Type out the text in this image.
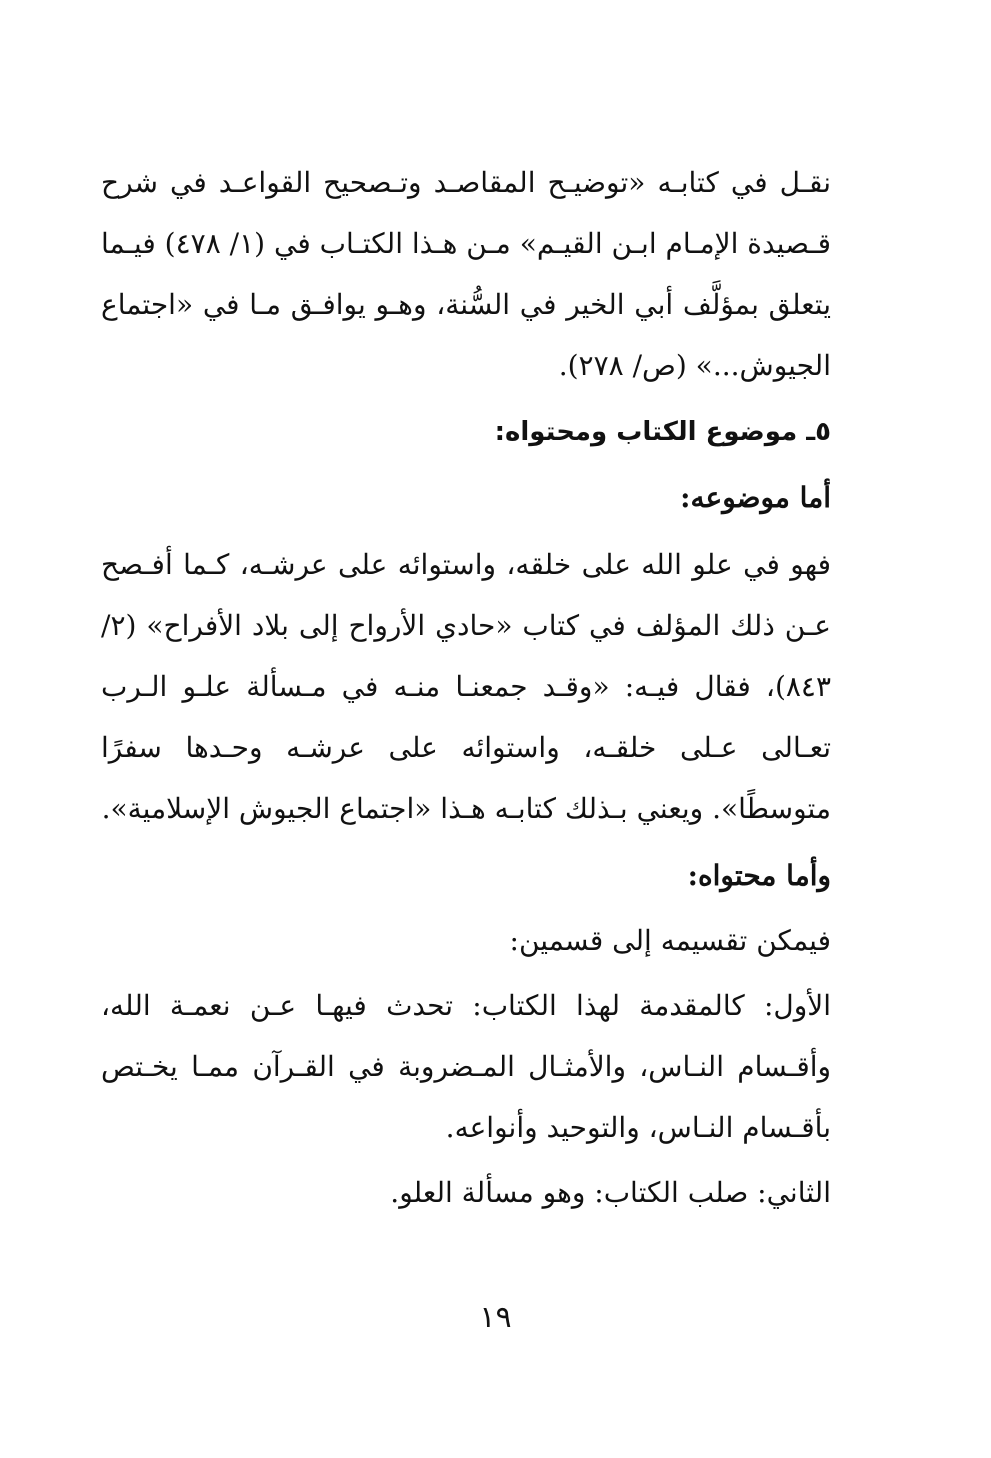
نقـل في كتابـه «توضيـح المقاصـد وتـصحيح القواعـد في شرح قـصيدة الإمـام ابـن القيـم» مـن هـذا الكتـاب في (١/ ٤٧٨) فيـما يتعلق بمؤلَّف أبي الخير في السُّنة، وهـو يوافـق مـا في «اجتماع الجيوش...» (ص/ ٢٧٨).

٥ـ موضوع الكتاب ومحتواه:

أما موضوعه:

فهو في علو الله على خلقه، واستوائه على عرشـه، كـما أفـصح عـن ذلك المؤلف في كتاب «حادي الأرواح إلى بلاد الأفراح» (٢/ ٨٤٣)، فقال فيـه: «وقـد جمعنـا منـه في مـسألة علـو الـرب تعـالى عـلى خلقـه، واستوائه على عرشـه وحـدها سفرًا متوسطًا». ويعني بـذلك كتابـه هـذا «اجتماع الجيوش الإسلامية».

وأما محتواه:

فيمكن تقسيمه إلى قسمين:

الأول: كالمقدمة لهذا الكتاب: تحدث فيهـا عـن نعمـة الله، وأقـسام النـاس، والأمثـال المـضروبة في القـرآن ممـا يخـتص بأقـسام النـاس، والتوحيد وأنواعه.

الثاني: صلب الكتاب: وهو مسألة العلو.

١٩
